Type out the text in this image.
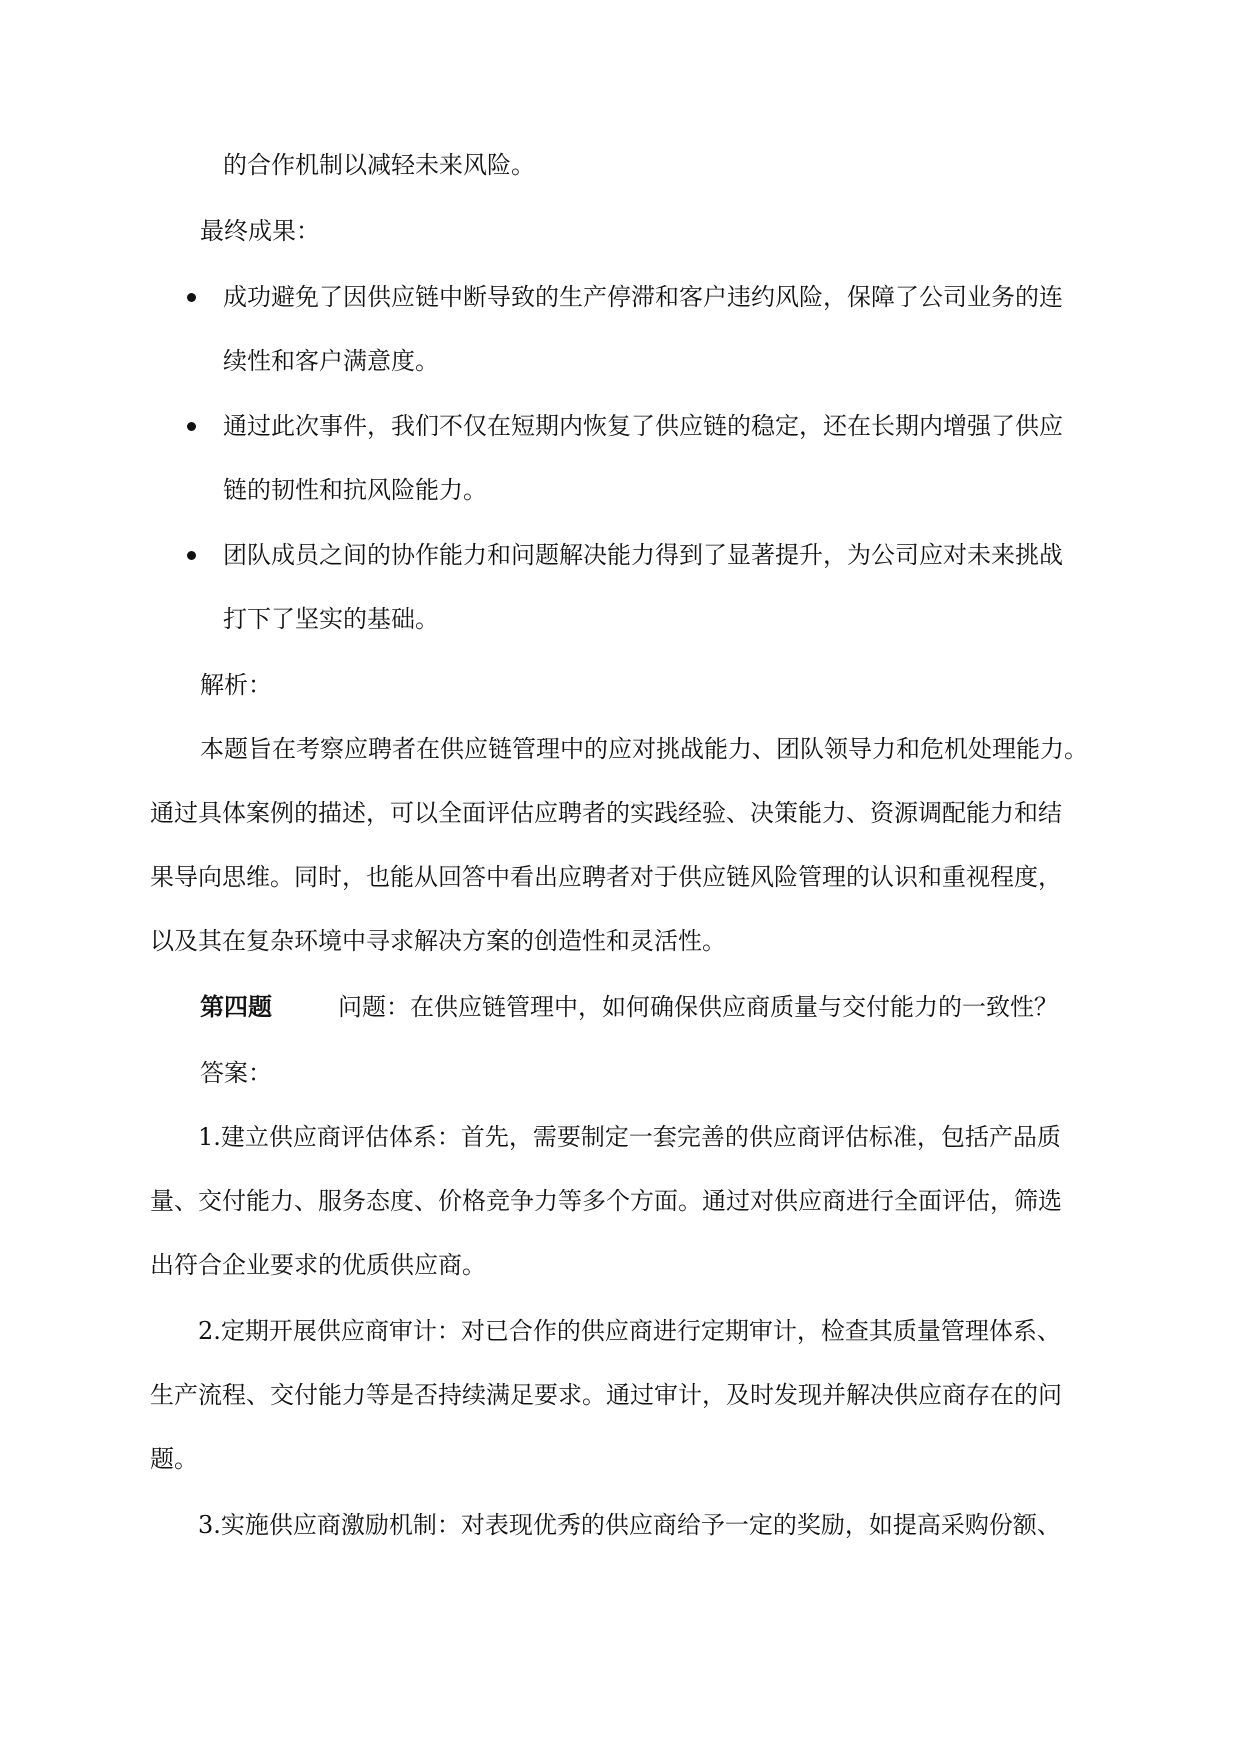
的合作机制以减轻未来风险。
最终成果：
成功避免了因供应链中断导致的生产停滞和客户违约风险，保障了公司业务的连
续性和客户满意度。
通过此次事件，我们不仅在短期内恢复了供应链的稳定，还在长期内增强了供应
链的韧性和抗风险能力。
团队成员之间的协作能力和问题解决能力得到了显著提升，为公司应对未来挑战
打下了坚实的基础。
解析：
本题旨在考察应聘者在供应链管理中的应对挑战能力、团队领导力和危机处理能力。
通过具体案例的描述，可以全面评估应聘者的实践经验、决策能力、资源调配能力和结
果导向思维。同时，也能从回答中看出应聘者对于供应链风险管理的认识和重视程度，
以及其在复杂环境中寻求解决方案的创造性和灵活性。
第四题	问题：在供应链管理中，如何确保供应商质量与交付能力的一致性？
答案：
1.建立供应商评估体系：首先，需要制定一套完善的供应商评估标准，包括产品质
量、交付能力、服务态度、价格竞争力等多个方面。通过对供应商进行全面评估，筛选
出符合企业要求的优质供应商。
2.定期开展供应商审计：对已合作的供应商进行定期审计，检查其质量管理体系、
生产流程、交付能力等是否持续满足要求。通过审计，及时发现并解决供应商存在的问
题。
3.实施供应商激励机制：对表现优秀的供应商给予一定的奖励，如提高采购份额、
